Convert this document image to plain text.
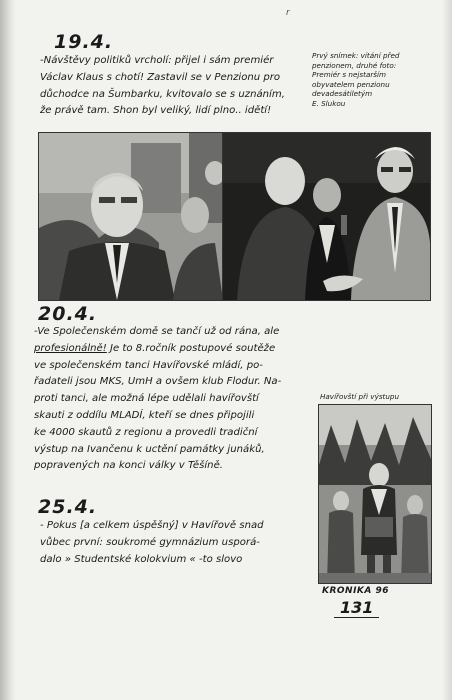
r
19.4.

-Návštěvy politiků vrcholí: přijel i sám premiér
Václav Klaus s chotí! Zastavil se v Penzionu pro
důchodce na Šumbarku, kvitovalo se s uznáním,
že právě tam. Shon byl veliký, lidí plno.. idětí!

Prvý snímek: vítání před
penzionem, druhé foto:
Premiér s nejstarším
obyvatelem penzionu
devadesátiletým
E. Slukou
20.4.

-Ve Společenském domě se tančí už od rána, ale
profesionálně! Je to 8.ročník postupové soutěže
ve společenském tanci Havířovské mládí, po-
řadateli jsou MKS, UmH a ovšem klub Flodur. Na-
proti tanci, ale možná lépe udělali havířovští
skauti z oddílu MLADÍ, kteří se dnes připojili
ke 4000 skautů z regionu a provedli tradiční
výstup na Ivančenu k uctění památky junáků,
popravených na konci války v Těšíně.

Havířovští při výstupu
KRONIKA 96
131
25.4.

- Pokus [a celkem úspěšný] v Havířově snad
vůbec první: soukromé gymnázium usporá-
dalo » Studentské kolokvium « -to slovo
